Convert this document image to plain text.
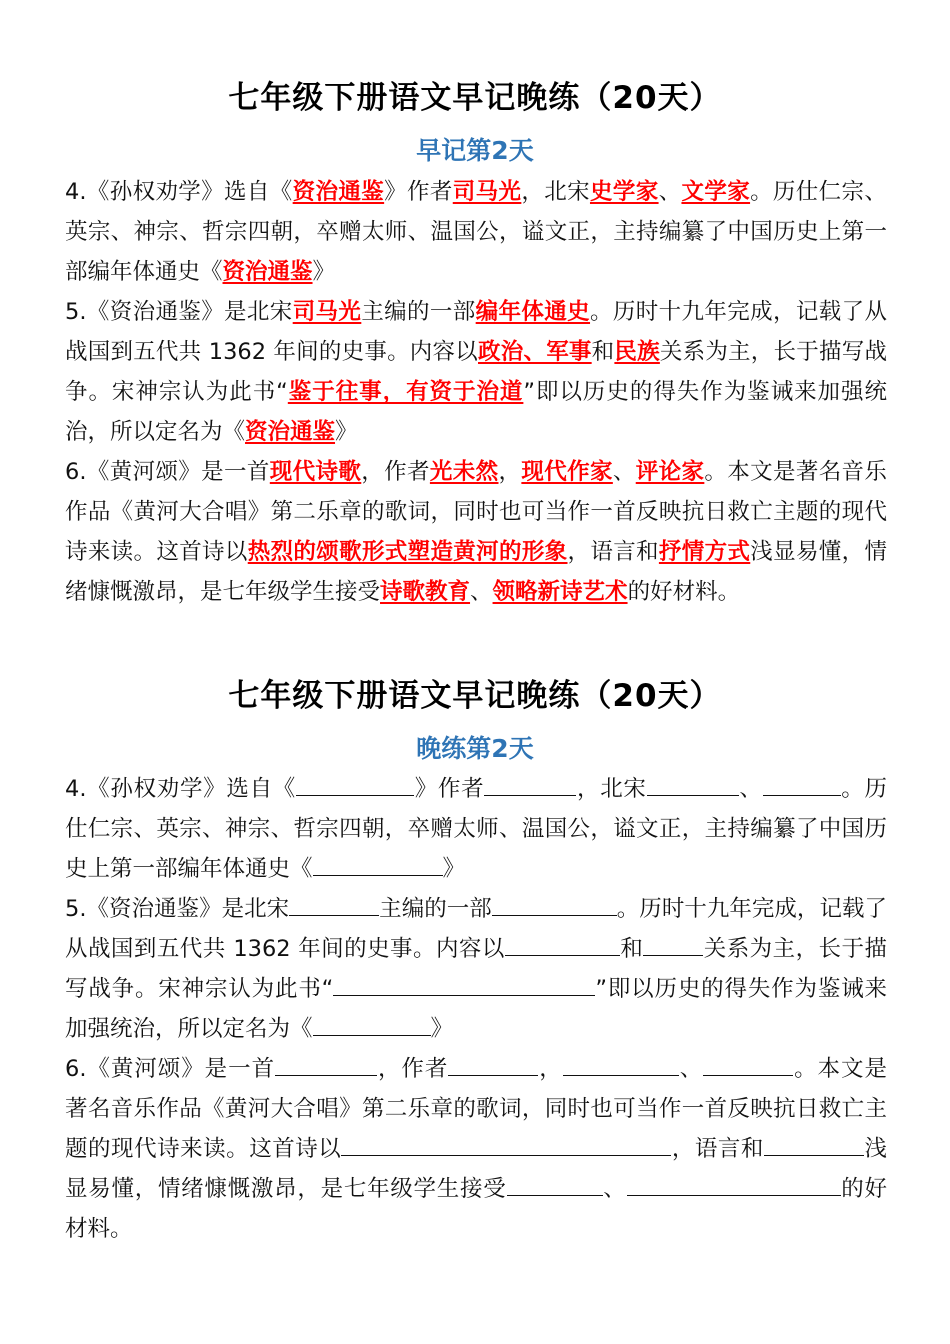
七年级下册语文早记晚练（20天）
早记第2天
4.《孙权劝学》选自《资治通鉴》作者司马光，北宋史学家、文学家。历仕仁宗、英宗、神宗、哲宗四朝，卒赠太师、温国公，谥文正，主持编纂了中国历史上第一部编年体通史《资治通鉴》
5.《资治通鉴》是北宋司马光主编的一部编年体通史。历时十九年完成，记载了从战国到五代共 1362 年间的史事。内容以政治、军事和民族关系为主，长于描写战争。宋神宗认为此书“鉴于往事，有资于治道”即以历史的得失作为鉴诫来加强统治，所以定名为《资治通鉴》
6.《黄河颂》是一首现代诗歌，作者光未然，现代作家、评论家。本文是著名音乐作品《黄河大合唱》第二乐章的歌词，同时也可当作一首反映抗日救亡主题的现代诗来读。这首诗以热烈的颂歌形式塑造黄河的形象，语言和抒情方式浅显易懂，情绪慷慨激昂，是七年级学生接受诗歌教育、领略新诗艺术的好材料。
七年级下册语文早记晚练（20天）
晚练第2天
4.《孙权劝学》选自《	》作者	，北宋	、	。历仕仁宗、英宗、神宗、哲宗四朝，卒赠太师、温国公，谥文正，主持编纂了中国历史上第一部编年体通史《	》
5.《资治通鉴》是北宋	主编的一部	。历时十九年完成，记载了从战国到五代共 1362 年间的史事。内容以	和	关系为主，长于描写战争。宋神宗认为此书“	”即以历史的得失作为鉴诫来加强统治，所以定名为《	》
6.《黄河颂》是一首	，作者	，	、	。本文是著名音乐作品《黄河大合唱》第二乐章的歌词，同时也可当作一首反映抗日救亡主题的现代诗来读。这首诗以	，语言和	浅显易懂，情绪慷慨激昂，是七年级学生接受	、	的好材料。
